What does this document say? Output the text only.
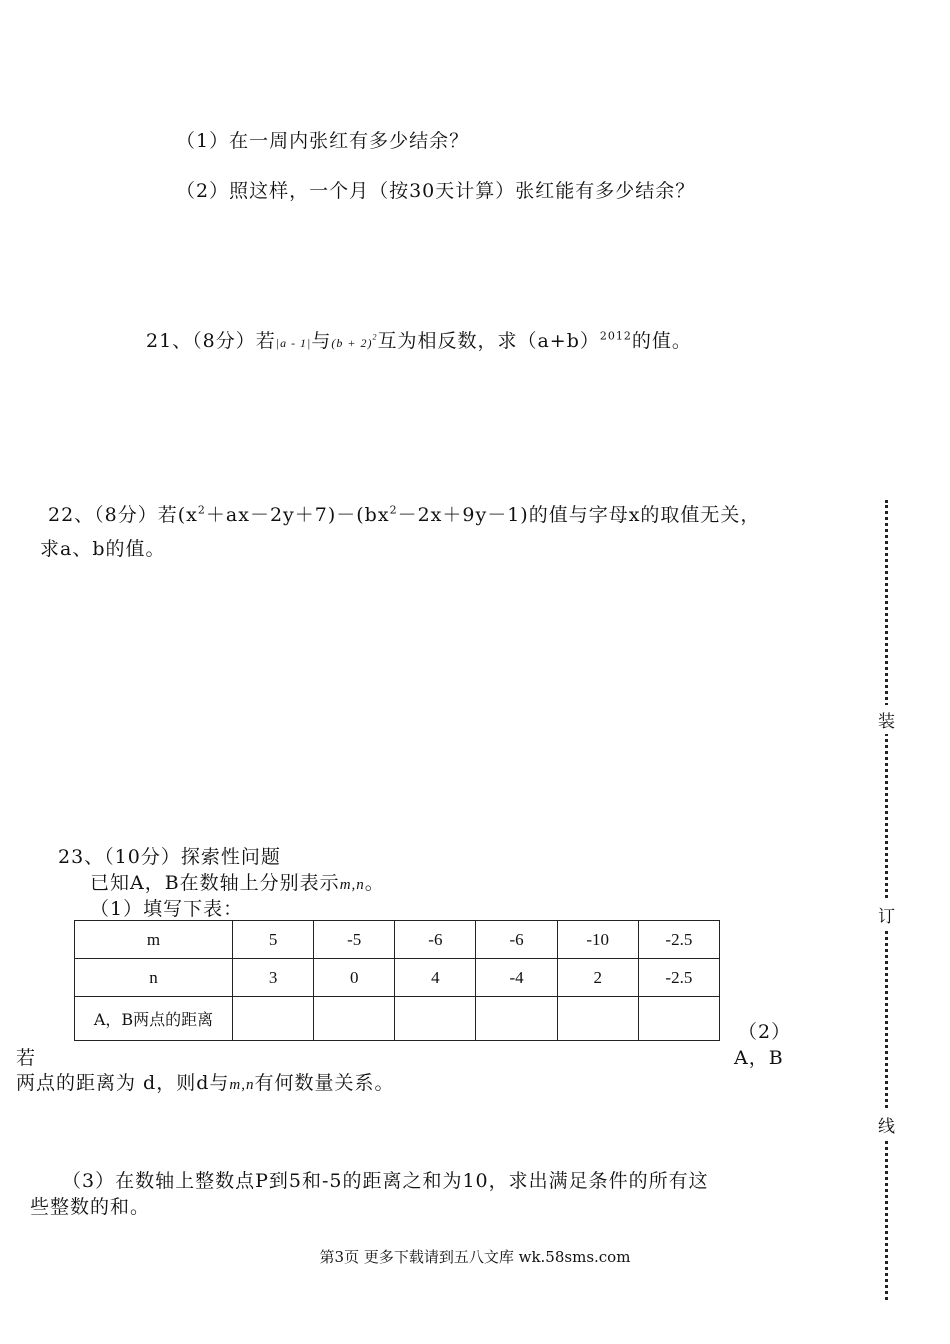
（1）在一周内张红有多少结余？
（2）照这样，一个月（按30天计算）张红能有多少结余？
21、（8分）若|a - 1|与$(b + 2)^2$互为相反数，求$(a+b)^{2012}$的值。
22、（8分）若$(x^2+ax-2y+7)-(bx^2-2x+9y-1)$的值与字母x的取值无关，
求a、b的值。
23、（10分）探索性问题
已知A，B在数轴上分别表示m,n。
（1）填写下表：
m	5	-5	-6	-6	-10	-2.5
n	3	0	4	-4	2	-2.5
A，B两点的距离						
（2）
若	A，B
两点的距离为 d，则d与m,n有何数量关系。
（3）在数轴上整数点P到5和-5的距离之和为10，求出满足条件的所有这
些整数的和。
装
订
线
第3页 更多下载请到五八文库 wk.58sms.com
